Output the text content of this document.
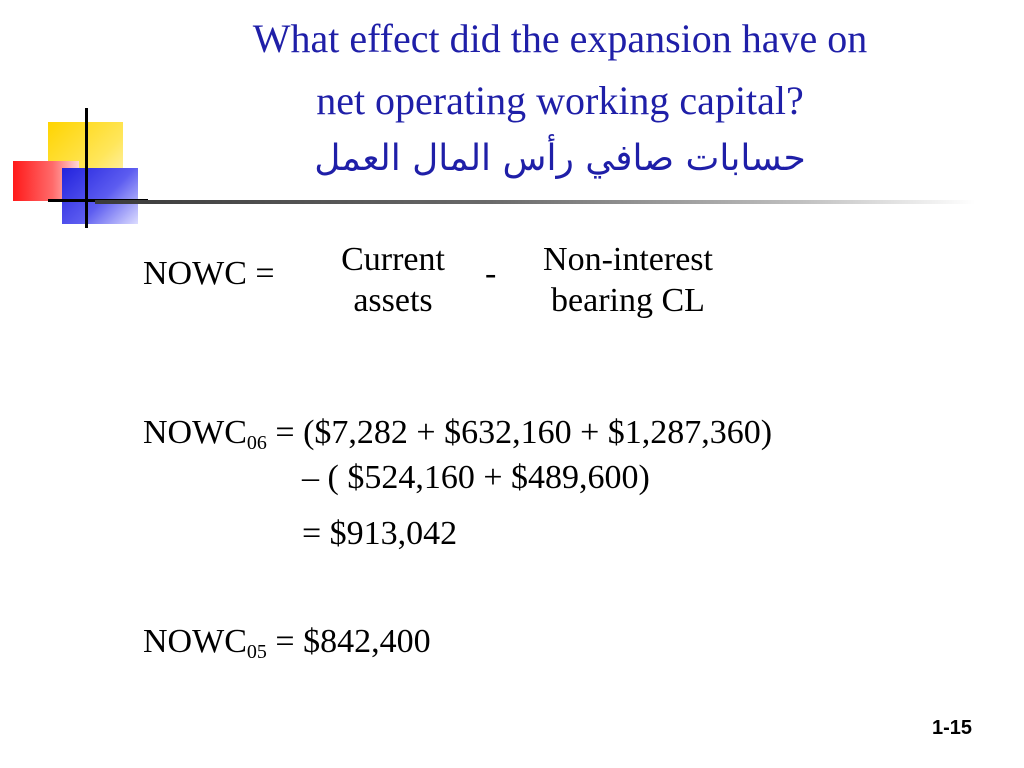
What effect did the expansion have on
net operating working capital?
حسابات صافي رأس المال العمل
NOWC =	Current
assets
-	Non-interest
bearing CL
$NOWC_{06}$ = ($7,282 + $632,160 + $1,287,360)
– ( $524,160 + $489,600)
= $913,042
$NOWC_{05}$ = $842,400
1-15
